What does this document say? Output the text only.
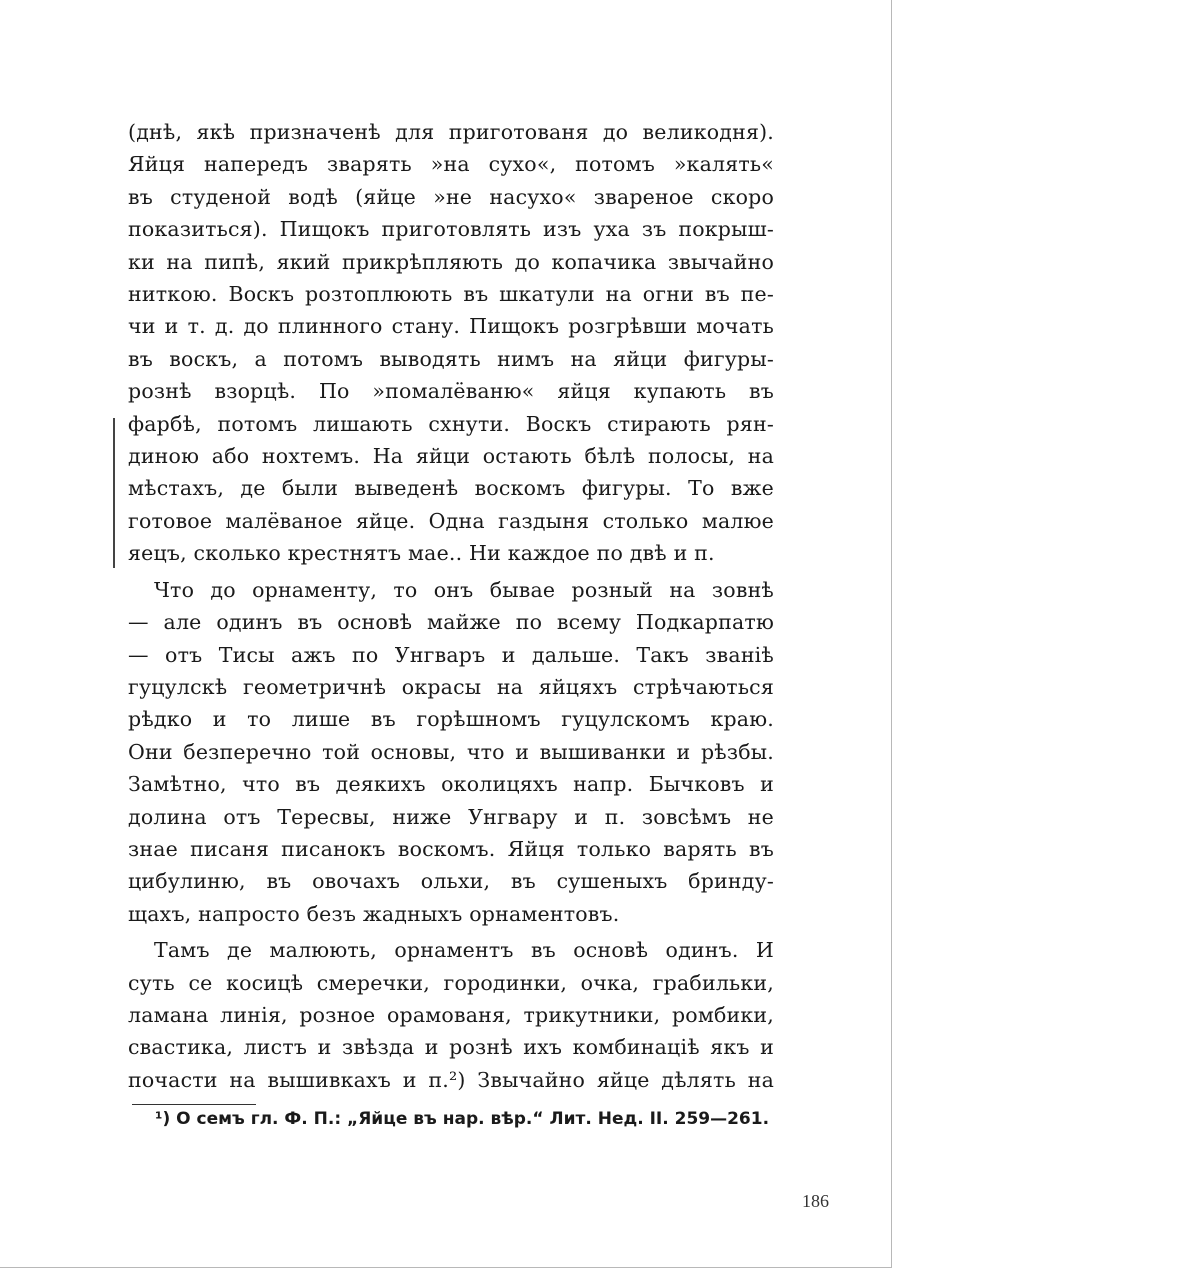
(днѣ, якѣ призначенѣ для приготованя до великодня).
Яйця напередъ зварять »на сухо«, потомъ »калять«
въ студеной водѣ (яйце »не насухо« звареное скоро
показиться). Пищокъ приготовлять изъ уха зъ покрыш-
ки на пипѣ, який прикрѣпляють до копачика звычайно
ниткою. Воскъ розтоплюють въ шкатули на огни въ пе-
чи и т. д. до плинного стану. Пищокъ розгрѣвши мочать
въ воскъ, а потомъ выводять нимъ на яйци фигуры-
рознѣ взорцѣ. По »помалёваню« яйця купають въ
фарбѣ, потомъ лишають схнути. Воскъ стирають рян-
диною або нохтемъ. На яйци остають бѣлѣ полосы, на
мѣстахъ, де были выведенѣ воскомъ фигуры. То вже
готовое малёваное яйце. Одна газдыня столько малюе
яецъ, сколько крестнятъ мае.. Ни каждое по двѣ и п.
Что до орнаменту, то онъ бывае розный на зовнѣ
— але одинъ въ основѣ майже по всему Подкарпатю
— отъ Тисы ажъ по Унгваръ и дальше. Такъ званiѣ
гуцулскѣ геометричнѣ окрасы на яйцяхъ стрѣчаються
рѣдко и то лише въ горѣшномъ гуцулскомъ краю.
Они безперечно той основы, что и вышиванки и рѣзбы.
Замѣтно, что въ деякихъ околицяхъ напр. Бычковъ и
долина отъ Тересвы, ниже Унгвару и п. зовсѣмъ не
знае писаня писанокъ воскомъ. Яйця только варять въ
цибулиню, въ овочахъ ольхи, въ сушеныхъ бринду-
щахъ, напросто безъ жадныхъ орнаментовъ.
Тамъ де малюють, орнаментъ въ основѣ одинъ. И
суть се косицѣ смеречки, городинки, очка, грабильки,
ламана линія, розное орамованя, трикутники, ромбики,
свастика, листъ и звѣзда и рознѣ ихъ комбинацiѣ якъ и
почасти на вышивкахъ и п.²) Звычайно яйце дѣлять на
¹) О семъ гл. Ф. П.: „Яйце въ нар. вѣр.“ Лит. Нед. II. 259—261.
186
